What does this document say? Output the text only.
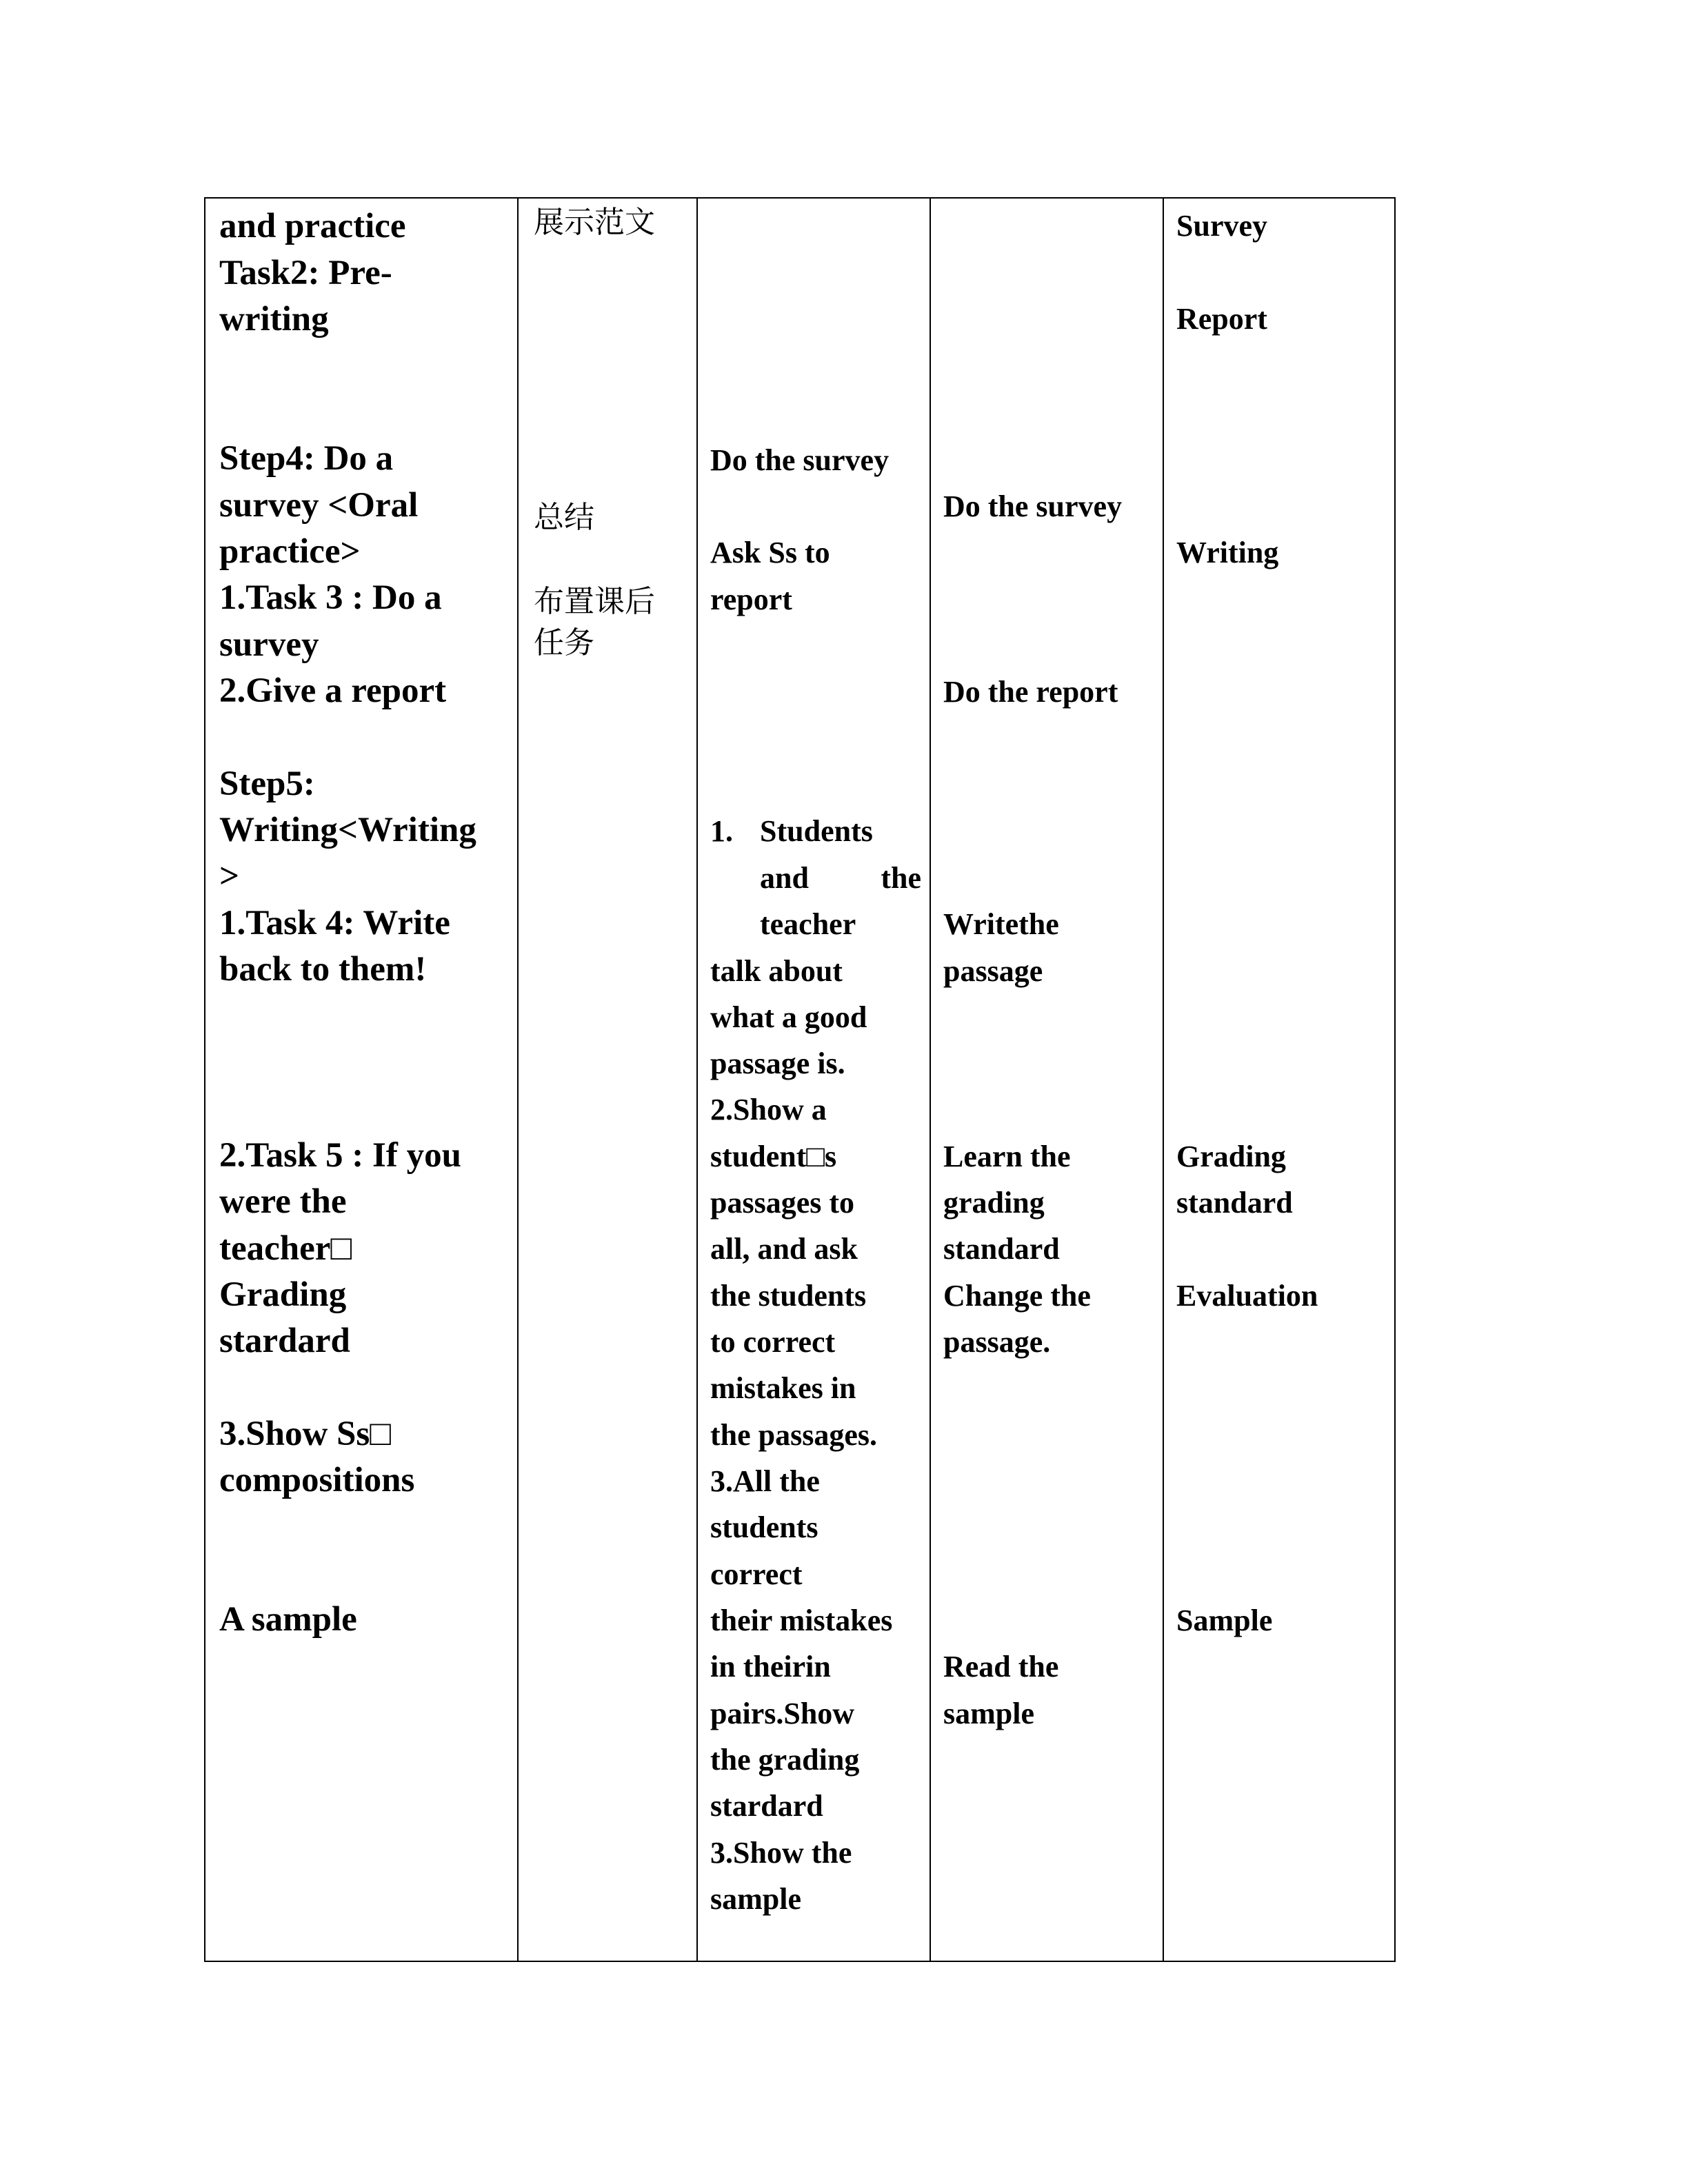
and practice

Task2: Pre-

writing

Step4: Do a

survey <Oral

practice>

1.Task 3 : Do a

survey

2.Give a report

Step5:

Writing<Writing

>

1.Task 4: Write

back to them!

2.Task 5 : If you

were the

teacher□

Grading

stardard

3.Show Ss□

compositions

A sample

展示范文

总结

布置课后

任务

Do the survey

Ask Ss to

report

1. Students

and the

teacher

talk about

what a good

passage is.

2.Show a

student□s

passages to

all, and ask

the students

to correct

mistakes in

the passages.

3.All the

students

correct

their mistakes

in theirin

pairs.Show

the grading

stardard

3.Show the

sample

Do the survey

Do the report

Writethe

passage

Learn the

grading

standard

Change the

passage.

Read the

sample

Survey

Report

Writing

Grading

standard

Evaluation

Sample
